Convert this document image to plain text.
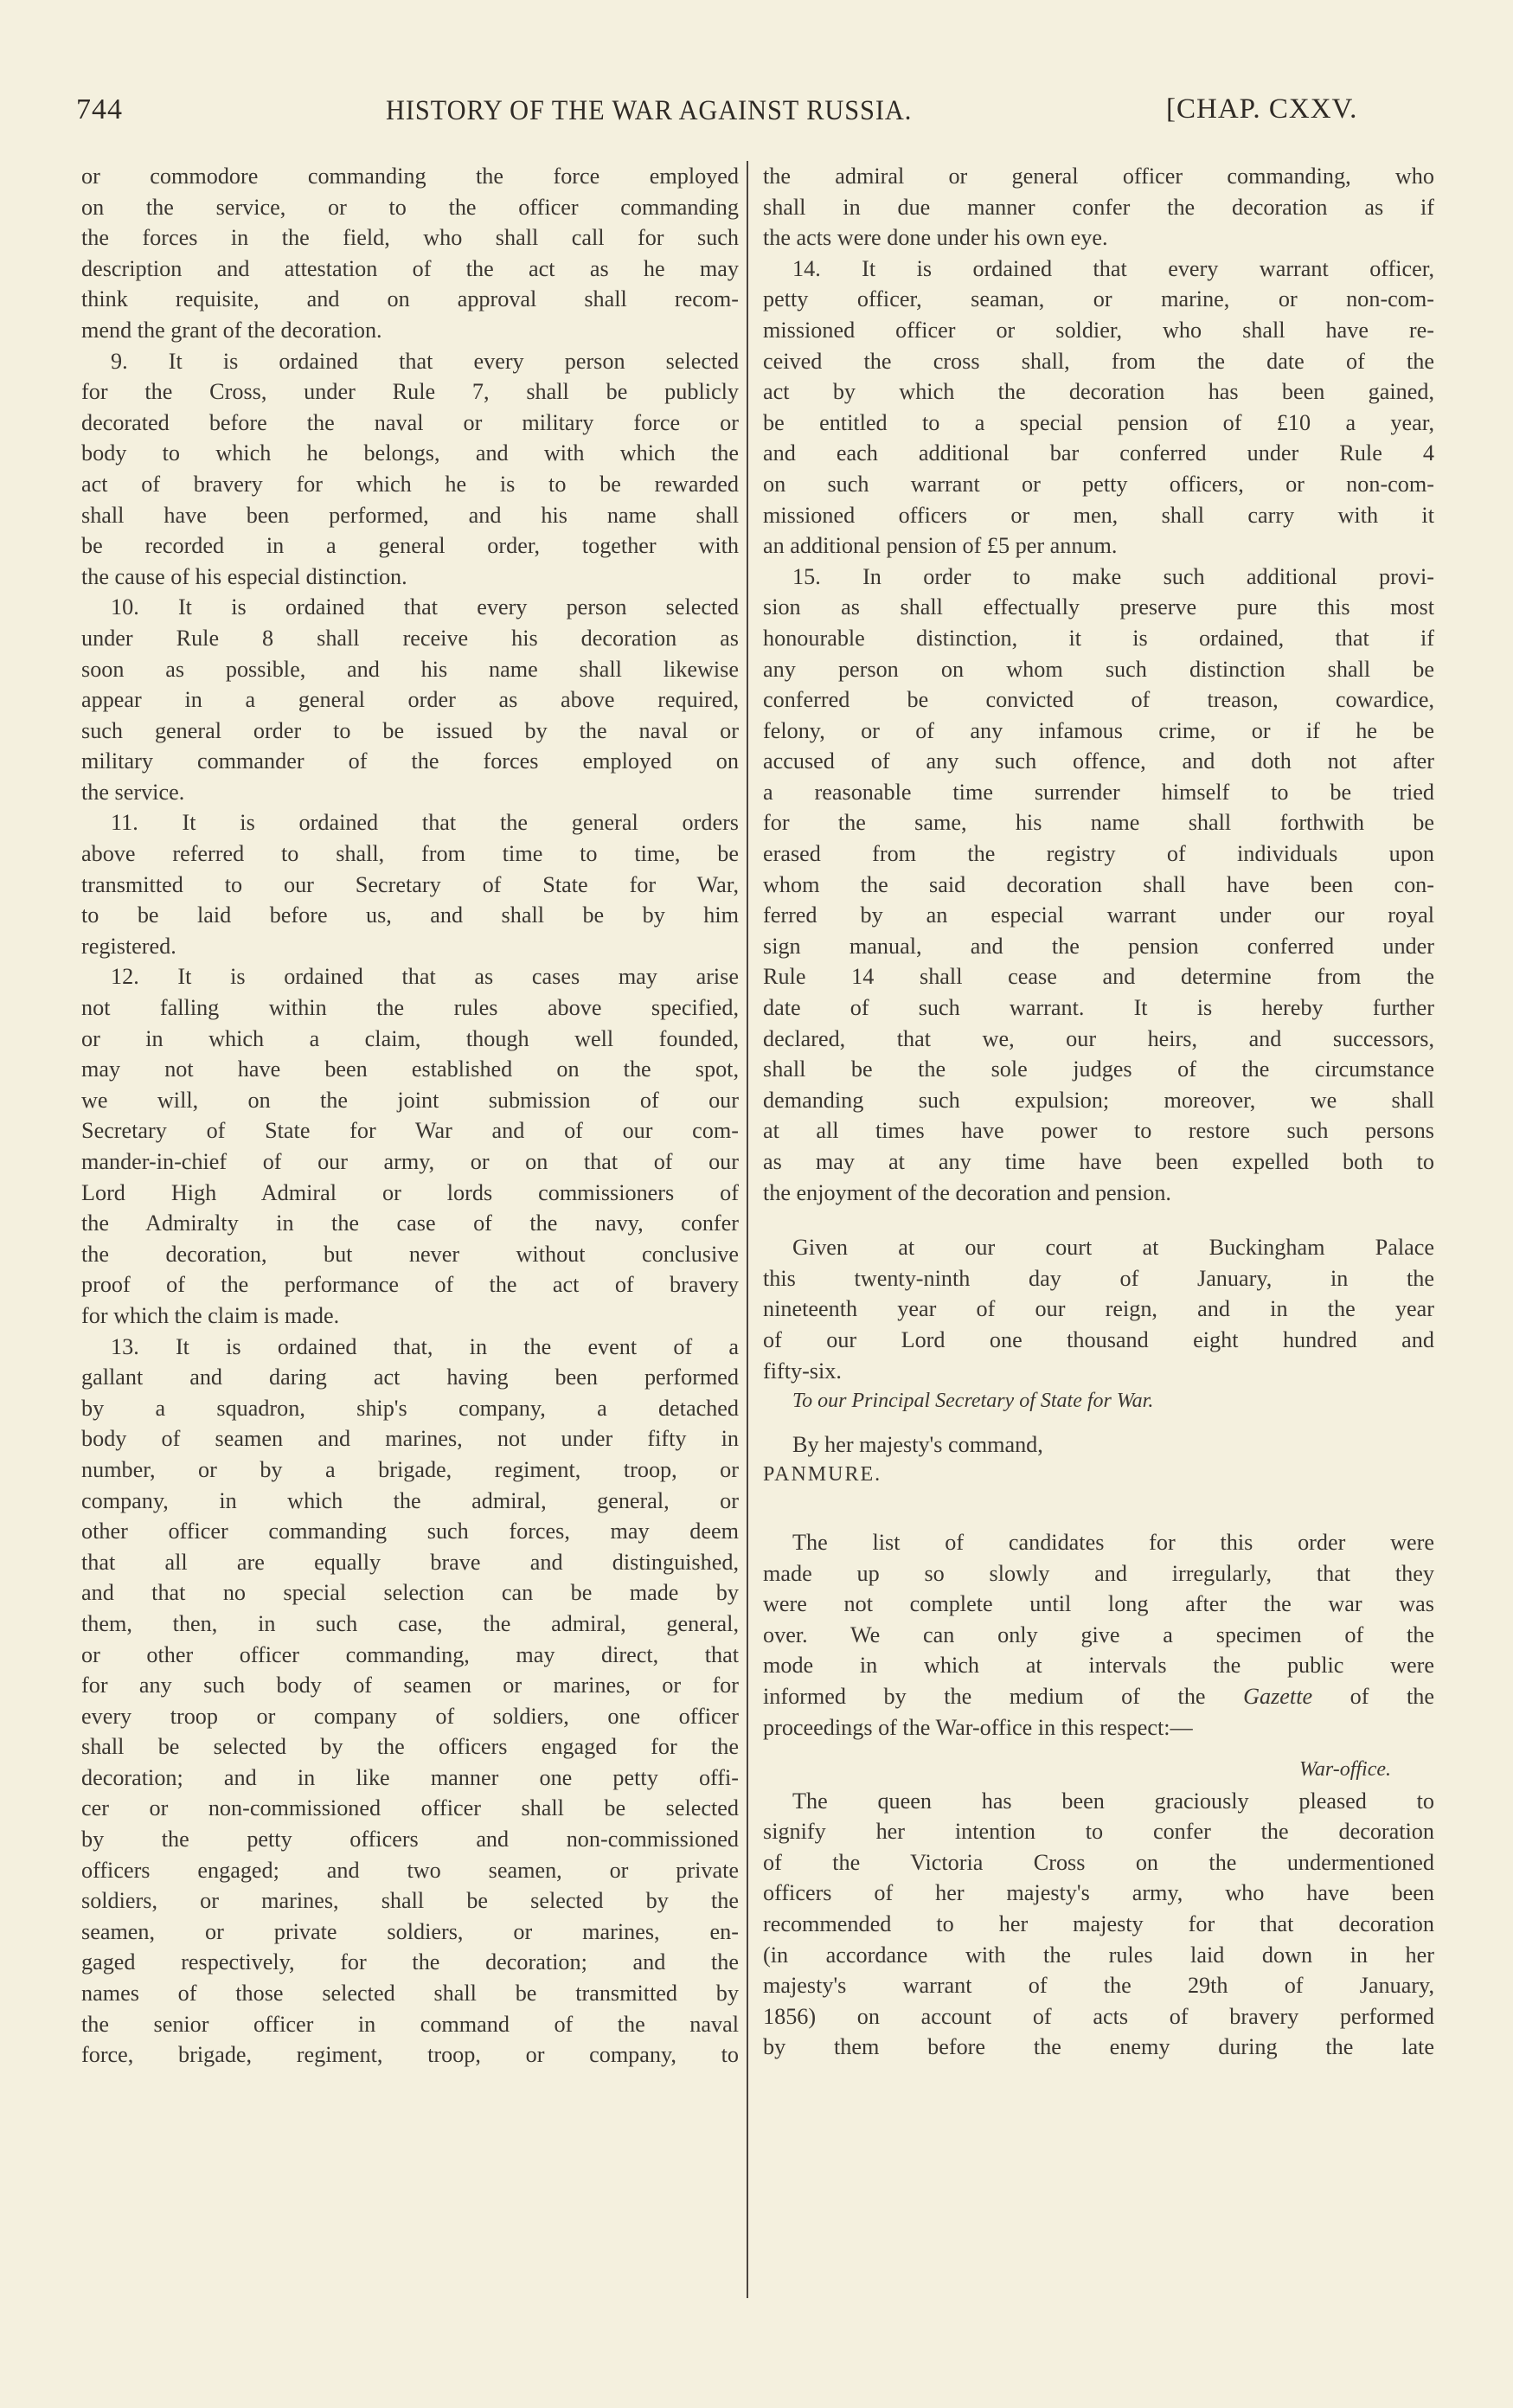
744	HISTORY OF THE WAR AGAINST RUSSIA.	[CHAP. CXXV.
or commodore commanding the force employed
on the service, or to the officer commanding
the forces in the field, who shall call for such
description and attestation of the act as he may
think requisite, and on approval shall recom-
mend the grant of the decoration.
9. It is ordained that every person selected
for the Cross, under Rule 7, shall be publicly
decorated before the naval or military force or
body to which he belongs, and with which the
act of bravery for which he is to be rewarded
shall have been performed, and his name shall
be recorded in a general order, together with
the cause of his especial distinction.
10. It is ordained that every person selected
under Rule 8 shall receive his decoration as
soon as possible, and his name shall likewise
appear in a general order as above required,
such general order to be issued by the naval or
military commander of the forces employed on
the service.
11. It is ordained that the general orders
above referred to shall, from time to time, be
transmitted to our Secretary of State for War,
to be laid before us, and shall be by him
registered.
12. It is ordained that as cases may arise
not falling within the rules above specified,
or in which a claim, though well founded,
may not have been established on the spot,
we will, on the joint submission of our
Secretary of State for War and of our com-
mander-in-chief of our army, or on that of our
Lord High Admiral or lords commissioners of
the Admiralty in the case of the navy, confer
the decoration, but never without conclusive
proof of the performance of the act of bravery
for which the claim is made.
13. It is ordained that, in the event of a
gallant and daring act having been performed
by a squadron, ship's company, a detached
body of seamen and marines, not under fifty in
number, or by a brigade, regiment, troop, or
company, in which the admiral, general, or
other officer commanding such forces, may deem
that all are equally brave and distinguished,
and that no special selection can be made by
them, then, in such case, the admiral, general,
or other officer commanding, may direct, that
for any such body of seamen or marines, or for
every troop or company of soldiers, one officer
shall be selected by the officers engaged for the
decoration; and in like manner one petty offi-
cer or non-commissioned officer shall be selected
by the petty officers and non-commissioned
officers engaged; and two seamen, or private
soldiers, or marines, shall be selected by the
seamen, or private soldiers, or marines, en-
gaged respectively, for the decoration; and the
names of those selected shall be transmitted by
the senior officer in command of the naval
force, brigade, regiment, troop, or company, to
the admiral or general officer commanding, who
shall in due manner confer the decoration as if
the acts were done under his own eye.
14. It is ordained that every warrant officer,
petty officer, seaman, or marine, or non-com-
missioned officer or soldier, who shall have re-
ceived the cross shall, from the date of the
act by which the decoration has been gained,
be entitled to a special pension of £10 a year,
and each additional bar conferred under Rule 4
on such warrant or petty officers, or non-com-
missioned officers or men, shall carry with it
an additional pension of £5 per annum.
15. In order to make such additional provi-
sion as shall effectually preserve pure this most
honourable distinction, it is ordained, that if
any person on whom such distinction shall be
conferred be convicted of treason, cowardice,
felony, or of any infamous crime, or if he be
accused of any such offence, and doth not after
a reasonable time surrender himself to be tried
for the same, his name shall forthwith be
erased from the registry of individuals upon
whom the said decoration shall have been con-
ferred by an especial warrant under our royal
sign manual, and the pension conferred under
Rule 14 shall cease and determine from the
date of such warrant. It is hereby further
declared, that we, our heirs, and successors,
shall be the sole judges of the circumstance
demanding such expulsion; moreover, we shall
at all times have power to restore such persons
as may at any time have been expelled both to
the enjoyment of the decoration and pension.
Given at our court at Buckingham Palace
this twenty-ninth day of January, in the
nineteenth year of our reign, and in the year
of our Lord one thousand eight hundred and
fifty-six.
To our Principal Secretary of State for War.
By her majesty's command,
PANMURE.
The list of candidates for this order were
made up so slowly and irregularly, that they
were not complete until long after the war was
over. We can only give a specimen of the
mode in which at intervals the public were
informed by the medium of the Gazette of the
proceedings of the War-office in this respect:—
War-office.
The queen has been graciously pleased to
signify her intention to confer the decoration
of the Victoria Cross on the undermentioned
officers of her majesty's army, who have been
recommended to her majesty for that decoration
(in accordance with the rules laid down in her
majesty's warrant of the 29th of January,
1856) on account of acts of bravery performed
by them before the enemy during the late
